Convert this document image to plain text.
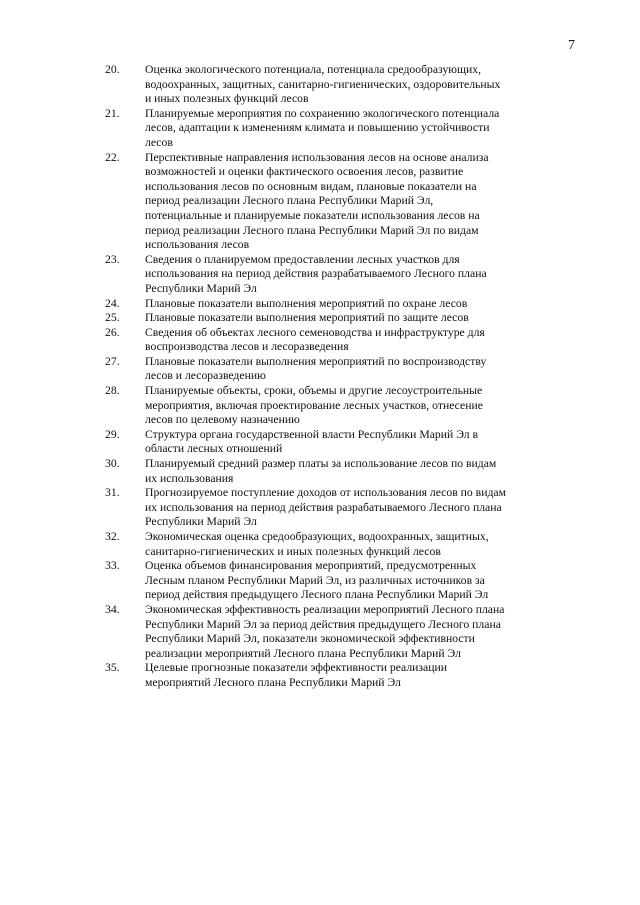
7
20.	Оценка экологического потенциала, потенциала средообразующих,
водоохранных, защитных, санитарно-гигиенических, оздоровительных
и иных полезных функций лесов
21.	Планируемые мероприятия по сохранению экологического потенциала
лесов, адаптации к изменениям климата и повышению устойчивости
лесов
22.	Перспективные направления использования лесов на основе анализа
возможностей и оценки фактического освоения лесов, развитие
использования лесов по основным видам, плановые показатели на
период реализации Лесного плана Республики Марий Эл,
потенциальные и планируемые показатели использования лесов на
период реализации Лесного плана Республики Марий Эл по видам
использования лесов
23.	Сведения о планируемом предоставлении лесных участков для
использования на период действия разрабатываемого Лесного плана
Республики Марий Эл
24.	Плановые показатели выполнения мероприятий по охране лесов
25.	Плановые показатели выполнения мероприятий по защите лесов
26.	Сведения об объектах лесного семеноводства и инфраструктуре для
воспроизводства лесов и лесоразведения
27.	Плановые показатели выполнения мероприятий по воспроизводству
лесов и лесоразведению
28.	Планируемые объекты, сроки, объемы и другие лесоустроительные
мероприятия, включая проектирование лесных участков, отнесение
лесов по целевому назначению
29.	Структура органа государственной власти Республики Марий Эл в
области лесных отношений
30.	Планируемый средний размер платы за использование лесов по видам
их использования
31.	Прогнозируемое поступление доходов от использования лесов по видам
их использования на период действия разрабатываемого Лесного плана
Республики Марий Эл
32.	Экономическая оценка средообразующих, водоохранных, защитных,
санитарно-гигиенических и иных полезных функций лесов
33.	Оценка объемов финансирования мероприятий, предусмотренных
Лесным планом Республики Марий Эл, из различных источников за
период действия предыдущего Лесного плана Республики Марий Эл
34.	Экономическая эффективность реализации мероприятий Лесного плана
Республики Марий Эл за период действия предыдущего Лесного плана
Республики Марий Эл, показатели экономической эффективности
реализации мероприятий Лесного плана Республики Марий Эл
35.	Целевые прогнозные показатели эффективности реализации
мероприятий Лесного плана Республики Марий Эл
